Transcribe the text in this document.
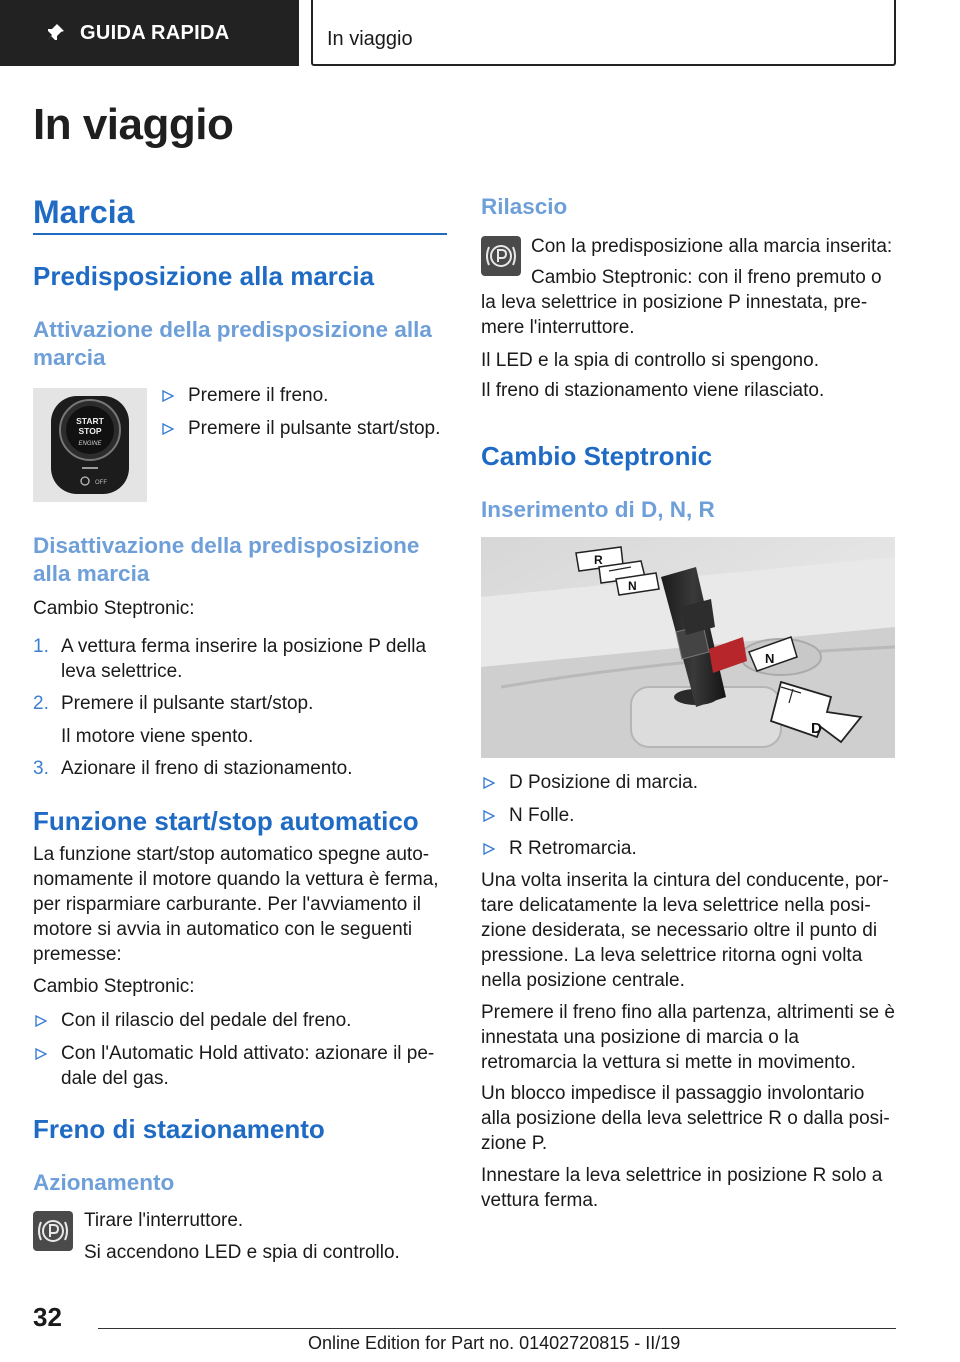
GUIDA RAPIDA	In viaggio
In viaggio
Marcia
Predisposizione alla marcia
Attivazione della predisposizione alla marcia
START
STOP
ENGINE
OFF
Premere il freno.
Premere il pulsante start/stop.
Disattivazione della predisposizione alla marcia
Cambio Steptronic:
1. A vettura ferma inserire la posizione P della leva selettrice.
2. Premere il pulsante start/stop.
Il motore viene spento.
3. Azionare il freno di stazionamento.
Funzione start/stop automatico
La funzione start/stop automatico spegne auto-nomamente il motore quando la vettura è ferma, per risparmiare carburante. Per l'avviamento il motore si avvia in automatico con le seguenti premesse:
Cambio Steptronic:
Con il rilascio del pedale del freno.
Con l'Automatic Hold attivato: azionare il pe-dale del gas.
Freno di stazionamento
Azionamento
Tirare l'interruttore.
Si accendono LED e spia di controllo.
Rilascio
Con la predisposizione alla marcia inserita:
Cambio Steptronic: con il freno premuto o la leva selettrice in posizione P innestata, pre-mere l'interruttore.
Il LED e la spia di controllo si spengono.
Il freno di stazionamento viene rilasciato.
Cambio Steptronic
Inserimento di D, N, R
R
N
N
D
D Posizione di marcia.
N Folle.
R Retromarcia.
Una volta inserita la cintura del conducente, por-tare delicatamente la leva selettrice nella posi-zione desiderata, se necessario oltre il punto di pressione. La leva selettrice ritorna ogni volta nella posizione centrale.
Premere il freno fino alla partenza, altrimenti se è innestata una posizione di marcia o la retromarcia la vettura si mette in movimento.
Un blocco impedisce il passaggio involontario alla posizione della leva selettrice R o dalla posi-zione P.
Innestare la leva selettrice in posizione R solo a vettura ferma.
32
Online Edition for Part no. 01402720815 - II/19
